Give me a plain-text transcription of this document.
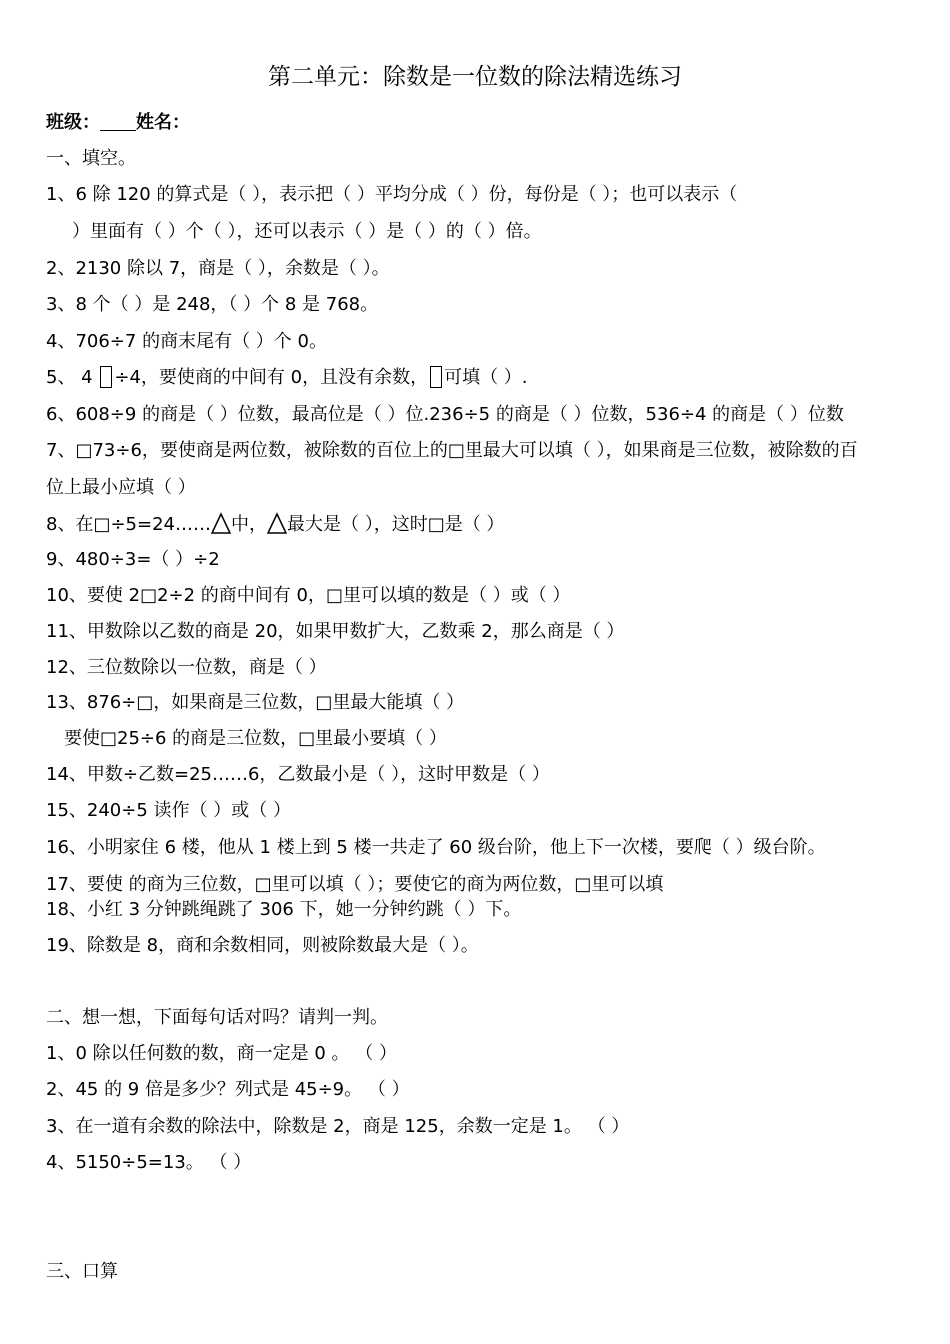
第二单元：除数是一位数的除法精选练习
班级： 姓名：
一、填空。
1、6 除 120 的算式是（ ），表示把（ ）平均分成（ ）份，每份是（ ）；也可以表示（
）里面有（ ）个（ ），还可以表示（ ）是（ ）的（ ）倍。
2、2130 除以 7，商是（ ），余数是（ ）。
3、8 个（ ）是 248，（ ）个 8 是 768。
4、706÷7 的商末尾有（ ）个 0。
5、 4 ÷4，要使商的中间有 0，且没有余数， 可填（ ）.
6、608÷9 的商是（ ）位数，最高位是（ ）位.236÷5 的商是（ ）位数，536÷4 的商是（ ）位数
7、□73÷6，要使商是两位数，被除数的百位上的□里最大可以填（ ），如果商是三位数，被除数的百
位上最小应填（ ）
8、在□÷5=24…… 中， 最大是（ ），这时□是（ ）
9、480÷3=（ ）÷2
10、要使 2□2÷2 的商中间有 0，□里可以填的数是（ ）或（ ）
11、甲数除以乙数的商是 20，如果甲数扩大，乙数乘 2，那么商是（ ）
12、三位数除以一位数，商是（ ）
13、876÷□，如果商是三位数，□里最大能填（ ）
要使□25÷6 的商是三位数，□里最小要填（ ）
14、甲数÷乙数=25……6，乙数最小是（ ），这时甲数是（ ）
15、240÷5 读作（ ）或（ ）
16、小明家住 6 楼，他从 1 楼上到 5 楼一共走了 60 级台阶，他上下一次楼，要爬（ ）级台阶。
17、要使 的商为三位数，□里可以填（ ）；要使它的商为两位数，□里可以填
18、小红 3 分钟跳绳跳了 306 下，她一分钟约跳（ ）下。
19、除数是 8，商和余数相同，则被除数最大是（ ）。
二、想一想，下面每句话对吗？请判一判。
1、0 除以任何数的数，商一定是 0 。 （ ）
2、45 的 9 倍是多少？列式是 45÷9。 （ ）
3、在一道有余数的除法中，除数是 2，商是 125，余数一定是 1。 （ ）
4、5150÷5=13。 （ ）
三、口算
